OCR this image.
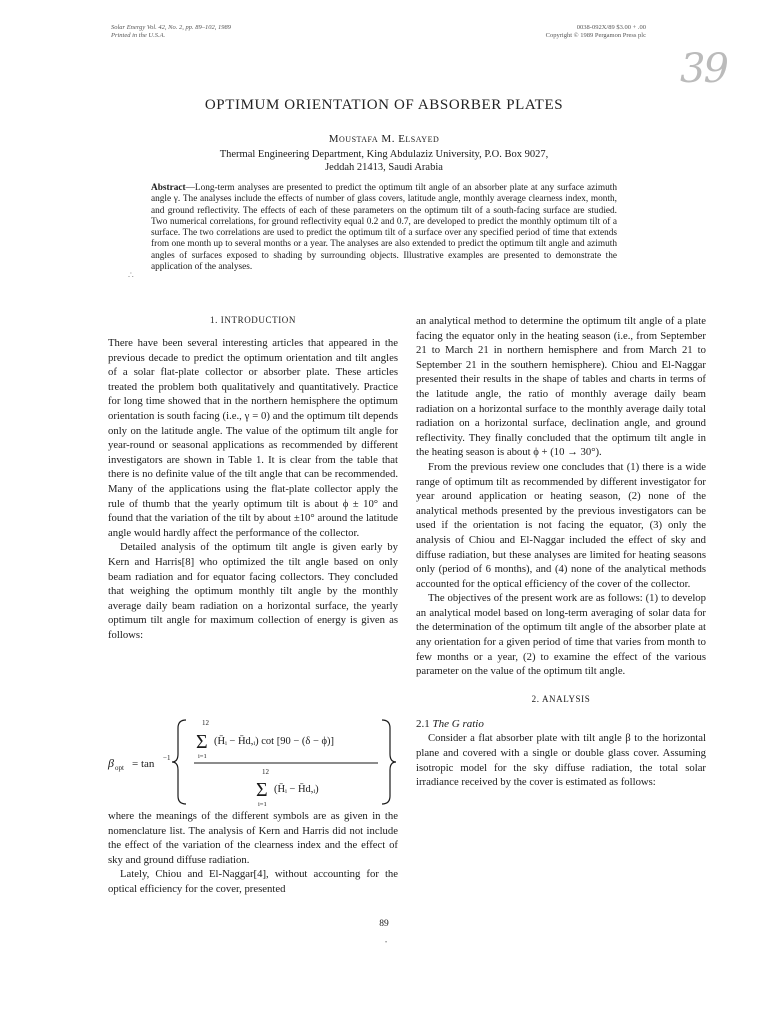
Solar Energy Vol. 42, No. 2, pp. 89–102, 1989
Printed in the U.S.A.
0038-092X/89 $3.00 + .00
Copyright © 1989 Pergamon Press plc
39
OPTIMUM ORIENTATION OF ABSORBER PLATES
Moustafa M. Elsayed
Thermal Engineering Department, King Abdulaziz University, P.O. Box 9027,
Jeddah 21413, Saudi Arabia
Abstract—Long-term analyses are presented to predict the optimum tilt angle of an absorber plate at any surface azimuth angle γ. The analyses include the effects of number of glass covers, latitude angle, monthly average clearness index, month, and ground reflectivity. The effects of each of these parameters on the optimum tilt of a south-facing surface are studied. Two numerical correlations, for ground reflectivity equal 0.2 and 0.7, are developed to predict the monthly optimum tilt of a surface. The two correlations are used to predict the optimum tilt of a surface over any specified period of time that extends from one month up to several months or a year. The analyses are also extended to predict the optimum tilt angle and azimuth angles of surfaces exposed to shading by surrounding objects. Illustrative examples are presented to demonstrate the application of the analyses.
∴
1. INTRODUCTION

There have been several interesting articles that appeared in the previous decade to predict the optimum orientation and tilt angles of a solar flat-plate collector or absorber plate. These articles treated the problem both qualitatively and quantitatively. Practice for long time showed that in the northern hemisphere the optimum orientation is south facing (i.e., γ = 0) and the optimum tilt depends only on the latitude angle. The value of the optimum tilt angle for year-round or seasonal applications as recommended by different investigators are shown in Table 1. It is clear from the table that there is no definite value of the tilt angle that can be recommended. Many of the applications using the flat-plate collector apply the rule of thumb that the yearly optimum tilt is about ϕ ± 10° and found that the variation of the tilt by about ±10° around the latitude angle would hardly affect the performance of the collector.

Detailed analysis of the optimum tilt angle is given early by Kern and Harris[8] who optimized the tilt angle based on only beam radiation and for equator facing collectors. They concluded that weighing the optimum monthly tilt angle by the monthly average daily beam radiation on a horizontal surface, the yearly optimum tilt angle for maximum collection of energy is given as follows:

β opt = tan −1
12
Σ
i=1
(H̄ᵢ − H̄d,ᵢ) cot [90 − (δ − ϕ)]
12
Σ
i=1
(H̄ᵢ − H̄d,ᵢ)

where the meanings of the different symbols are as given in the nomenclature list. The analysis of Kern and Harris did not include the effect of the variation of the clearness index and the effect of sky and ground diffuse radiation.

Lately, Chiou and El-Naggar[4], without accounting for the optical efficiency for the cover, presented

an analytical method to determine the optimum tilt angle of a plate facing the equator only in the heating season (i.e., from September 21 to March 21 in northern hemisphere and from March 21 to September 21 in the southern hemisphere). Chiou and El-Naggar presented their results in the shape of tables and charts in terms of the latitude angle, the ratio of monthly average daily beam radiation on a horizontal surface to the monthly average daily total radiation on a horizontal surface, declination angle, and ground reflectivity. They finally concluded that the optimum tilt angle in the heating season is about ϕ + (10 → 30°).

From the previous review one concludes that (1) there is a wide range of optimum tilt as recommended by different investigator for year around application or heating season, (2) none of the analytical methods presented by the previous investigators can be used if the orientation is not facing the equator, (3) only the analysis of Chiou and El-Naggar included the effect of sky and diffuse radiation, but these analyses are limited for heating seasons only (period of 6 months), and (4) none of the analytical methods accounted for the optical efficiency of the cover of the collector.

The objectives of the present work are as follows: (1) to develop an analytical model based on long-term averaging of solar data for the determination of the optimum tilt angle of the absorber plate at any orientation for a given period of time that varies from month to few months or a year, (2) to examine the effect of the various parameter on the value of the optimum tilt angle.

2. ANALYSIS
2.1 The G ratio

Consider a flat absorber plate with tilt angle β to the horizontal plane and covered with a single or double glass cover. Assuming isotropic model for the sky diffuse radiation, the total solar irradiance received by the cover is estimated as follows:

89
•
